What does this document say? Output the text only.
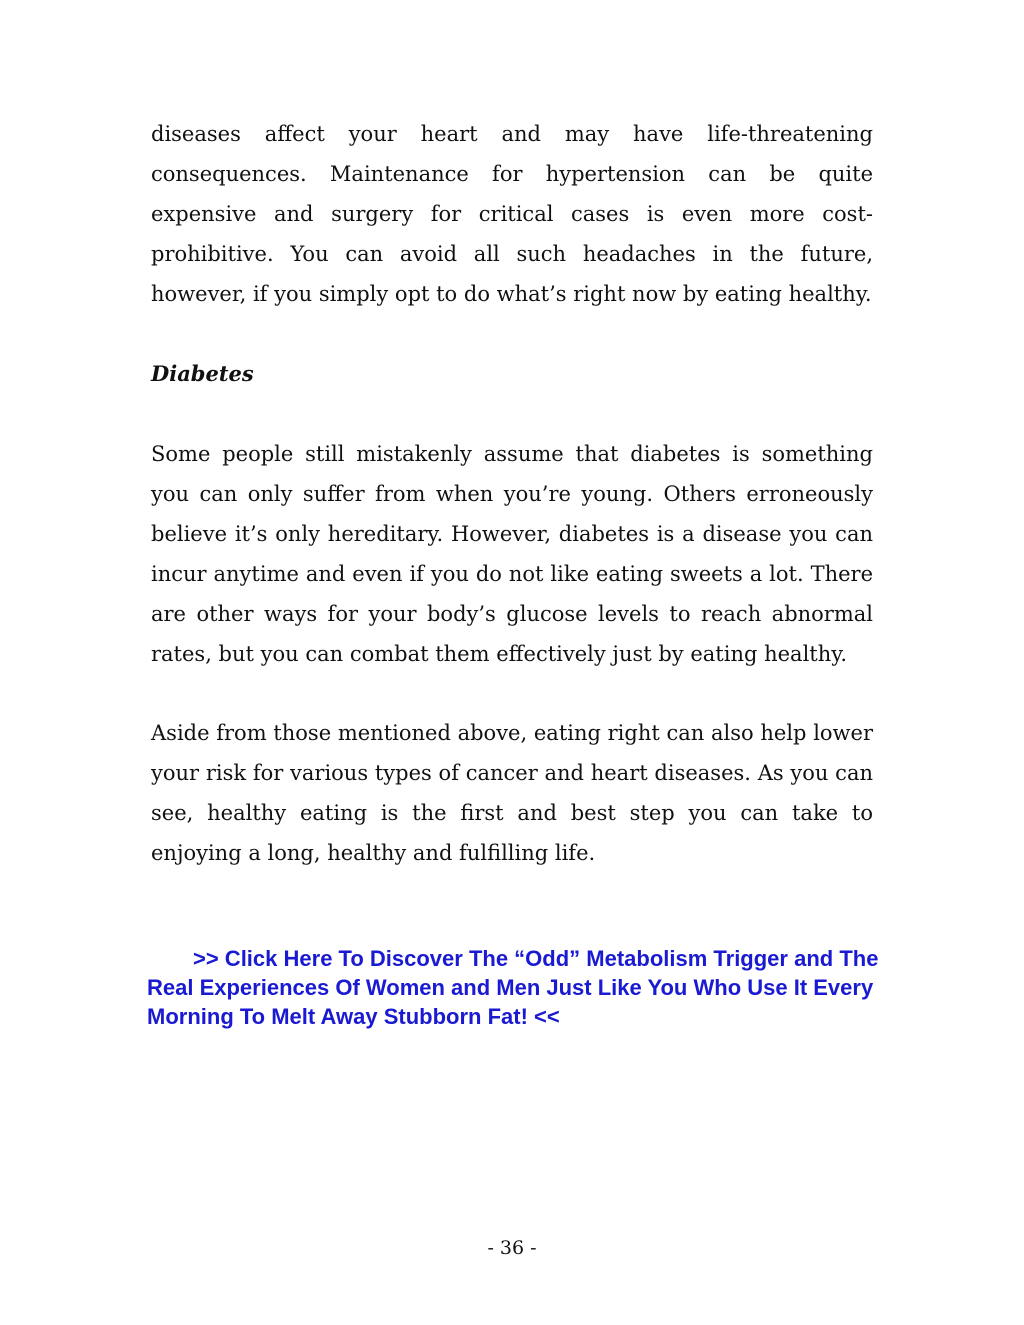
diseases affect your heart and may have life-threatening consequences. Maintenance for hypertension can be quite expensive and surgery for critical cases is even more cost-prohibitive. You can avoid all such headaches in the future, however, if you simply opt to do what’s right now by eating healthy.

Diabetes

Some people still mistakenly assume that diabetes is something you can only suffer from when you’re young. Others erroneously believe it’s only hereditary. However, diabetes is a disease you can incur anytime and even if you do not like eating sweets a lot. There are other ways for your body’s glucose levels to reach abnormal rates, but you can combat them effectively just by eating healthy.

Aside from those mentioned above, eating right can also help lower your risk for various types of cancer and heart diseases. As you can see, healthy eating is the first and best step you can take to enjoying a long, healthy and fulfilling life.

>> Click Here To Discover The “Odd” Metabolism Trigger and The Real Experiences Of Women and Men Just Like You Who Use It Every Morning To Melt Away Stubborn Fat! <<
- 36 -
